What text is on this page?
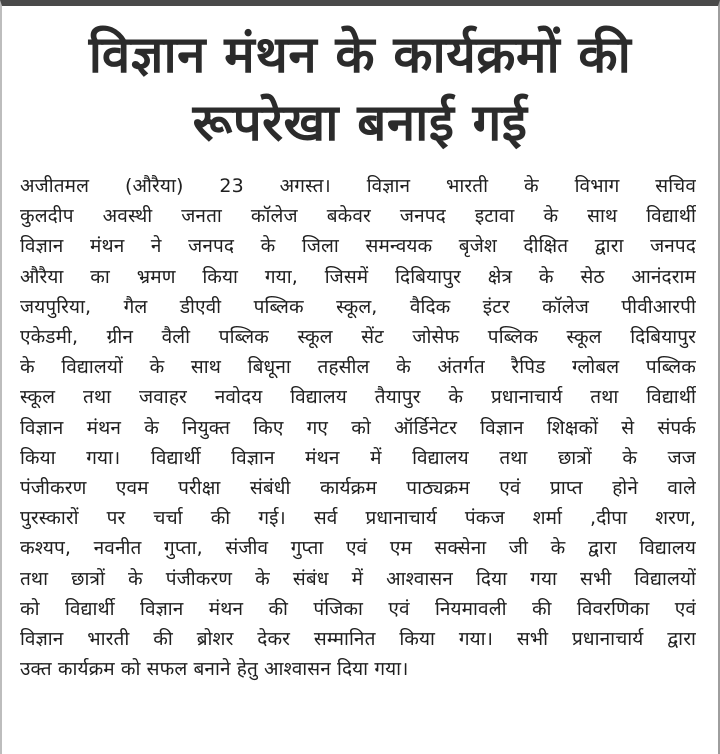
विज्ञान मंथन के कार्यक्रमों की
रूपरेखा बनाई गई
अजीतमल (औरैया) 23 अगस्त। विज्ञान भारती के विभाग सचिव
कुलदीप अवस्थी जनता कॉलेज बकेवर जनपद इटावा के साथ विद्यार्थी
विज्ञान मंथन ने जनपद के जिला समन्वयक बृजेश दीक्षित द्वारा जनपद
औरैया का भ्रमण किया गया, जिसमें दिबियापुर क्षेत्र के सेठ आनंदराम
जयपुरिया, गैल डीएवी पब्लिक स्कूल, वैदिक इंटर कॉलेज पीवीआरपी
एकेडमी, ग्रीन वैली पब्लिक स्कूल सेंट जोसेफ पब्लिक स्कूल दिबियापुर
के विद्यालयों के साथ बिधूना तहसील के अंतर्गत रैपिड ग्लोबल पब्लिक
स्कूल तथा जवाहर नवोदय विद्यालय तैयापुर के प्रधानाचार्य तथा विद्यार्थी
विज्ञान मंथन के नियुक्त किए गए को ऑर्डिनेटर विज्ञान शिक्षकों से संपर्क
किया गया। विद्यार्थी विज्ञान मंथन में विद्यालय तथा छात्रों के जज
पंजीकरण एवम परीक्षा संबंधी कार्यक्रम पाठ्यक्रम एवं प्राप्त होने वाले
पुरस्कारों पर चर्चा की गई। सर्व प्रधानाचार्य पंकज शर्मा ,दीपा शरण,
कश्यप, नवनीत गुप्ता, संजीव गुप्ता एवं एम सक्सेना जी के द्वारा विद्यालय
तथा छात्रों के पंजीकरण के संबंध में आश्वासन दिया गया सभी विद्यालयों
को विद्यार्थी विज्ञान मंथन की पंजिका एवं नियमावली की विवरणिका एवं
विज्ञान भारती की ब्रोशर देकर सम्मानित किया गया। सभी प्रधानाचार्य द्वारा
उक्त कार्यक्रम को सफल बनाने हेतु आश्वासन दिया गया।
